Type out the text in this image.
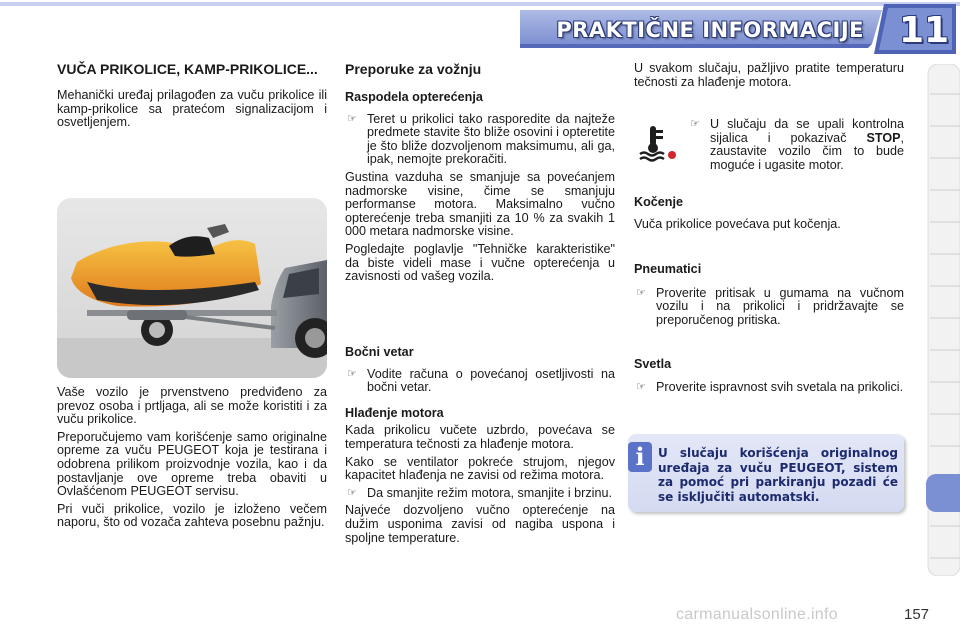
PRAKTIČNE INFORMACIJE 11
VUČA PRIKOLICE, KAMP-PRIKOLICE...

Mehanički uređaj prilagođen za vuču prikolice ili kamp-prikolice sa pratećom signalizacijom i osvetljenjem.

Vaše vozilo je prvenstveno predviđeno za prevoz osoba i prtljaga, ali se može koristiti i za vuču prikolice.

Preporučujemo vam korišćenje samo originalne opreme za vuču PEUGEOT koja je testirana i odobrena prilikom proizvodnje vozila, kao i da postavljanje ove opreme treba obaviti u Ovlašćenom PEUGEOT servisu.

Pri vuči prikolice, vozilo je izloženo večem naporu, što od vozača zahteva posebnu pažnju.

Preporuke za vožnju
Raspodela opterećenja
☞ Teret u prikolici tako rasporedite da najteže predmete stavite što bliže osovini i opteretite je što bliže dozvoljenom maksimumu, ali ga, ipak, nemojte prekoračiti.

Gustina vazduha se smanjuje sa povećanjem nadmorske visine, čime se smanjuju performanse motora. Maksimalno vučno opterećenje treba smanjiti za 10 % za svakih 1 000 metara nadmorske visine.

Pogledajte poglavlje "Tehničke karakteristike" da biste videli mase i vučne opterećenja u zavisnosti od vašeg vozila.

Bočni vetar
☞ Vodite računa o povećanoj osetljivosti na bočni vetar.
Hlađenje motora

Kada prikolicu vučete uzbrdo, povećava se temperatura tečnosti za hlađenje motora.

Kako se ventilator pokreće strujom, njegov kapacitet hlađenja ne zavisi od režima motora.

☞ Da smanjite režim motora, smanjite i brzinu.

Najveće dozvoljeno vučno opterećenje na dužim usponima zavisi od nagiba uspona i spoljne temperature.

U svakom slučaju, pažljivo pratite temperaturu tečnosti za hlađenje motora.

☞ U slučaju da se upali kontrolna sijalica i pokazivač STOP, zaustavite vozilo čim to bude moguće i ugasite motor.
Kočenje

Vuča prikolice povećava put kočenja.

Pneumatici
☞ Proverite pritisak u gumama na vučnom vozilu i na prikolici i pridržavajte se preporučenog pritiska.
Svetla
☞ Proverite ispravnost svih svetala na prikolici.
i	U slučaju korišćenja originalnog uređaja za vuču PEUGEOT, sistem za pomoć pri parkiranju pozadi će se isključiti automatski.
carmanualsonline.info	157
